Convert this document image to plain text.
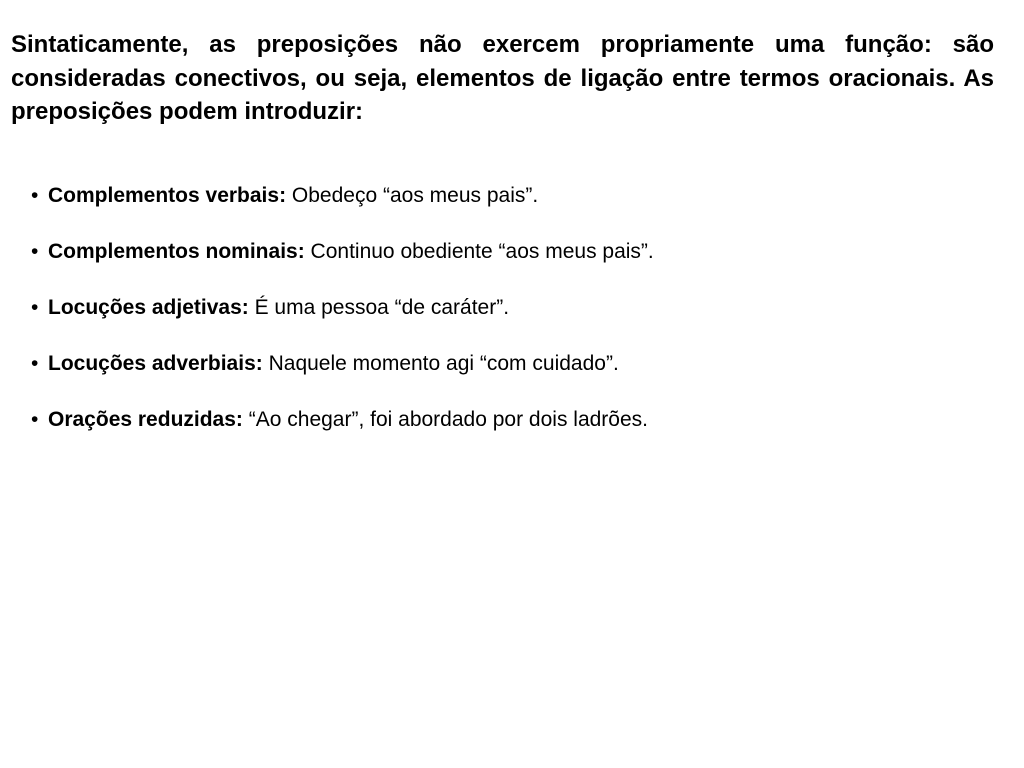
Sintaticamente, as preposições não exercem propriamente uma função: são consideradas conectivos, ou seja, elementos de ligação entre termos oracionais. As preposições podem introduzir:

• Complementos verbais: Obedeço “aos meus pais”.
• Complementos nominais: Continuo obediente “aos meus pais”.
• Locuções adjetivas: É uma pessoa “de caráter”.
• Locuções adverbiais: Naquele momento agi “com cuidado”.
• Orações reduzidas: “Ao chegar”, foi abordado por dois ladrões.
